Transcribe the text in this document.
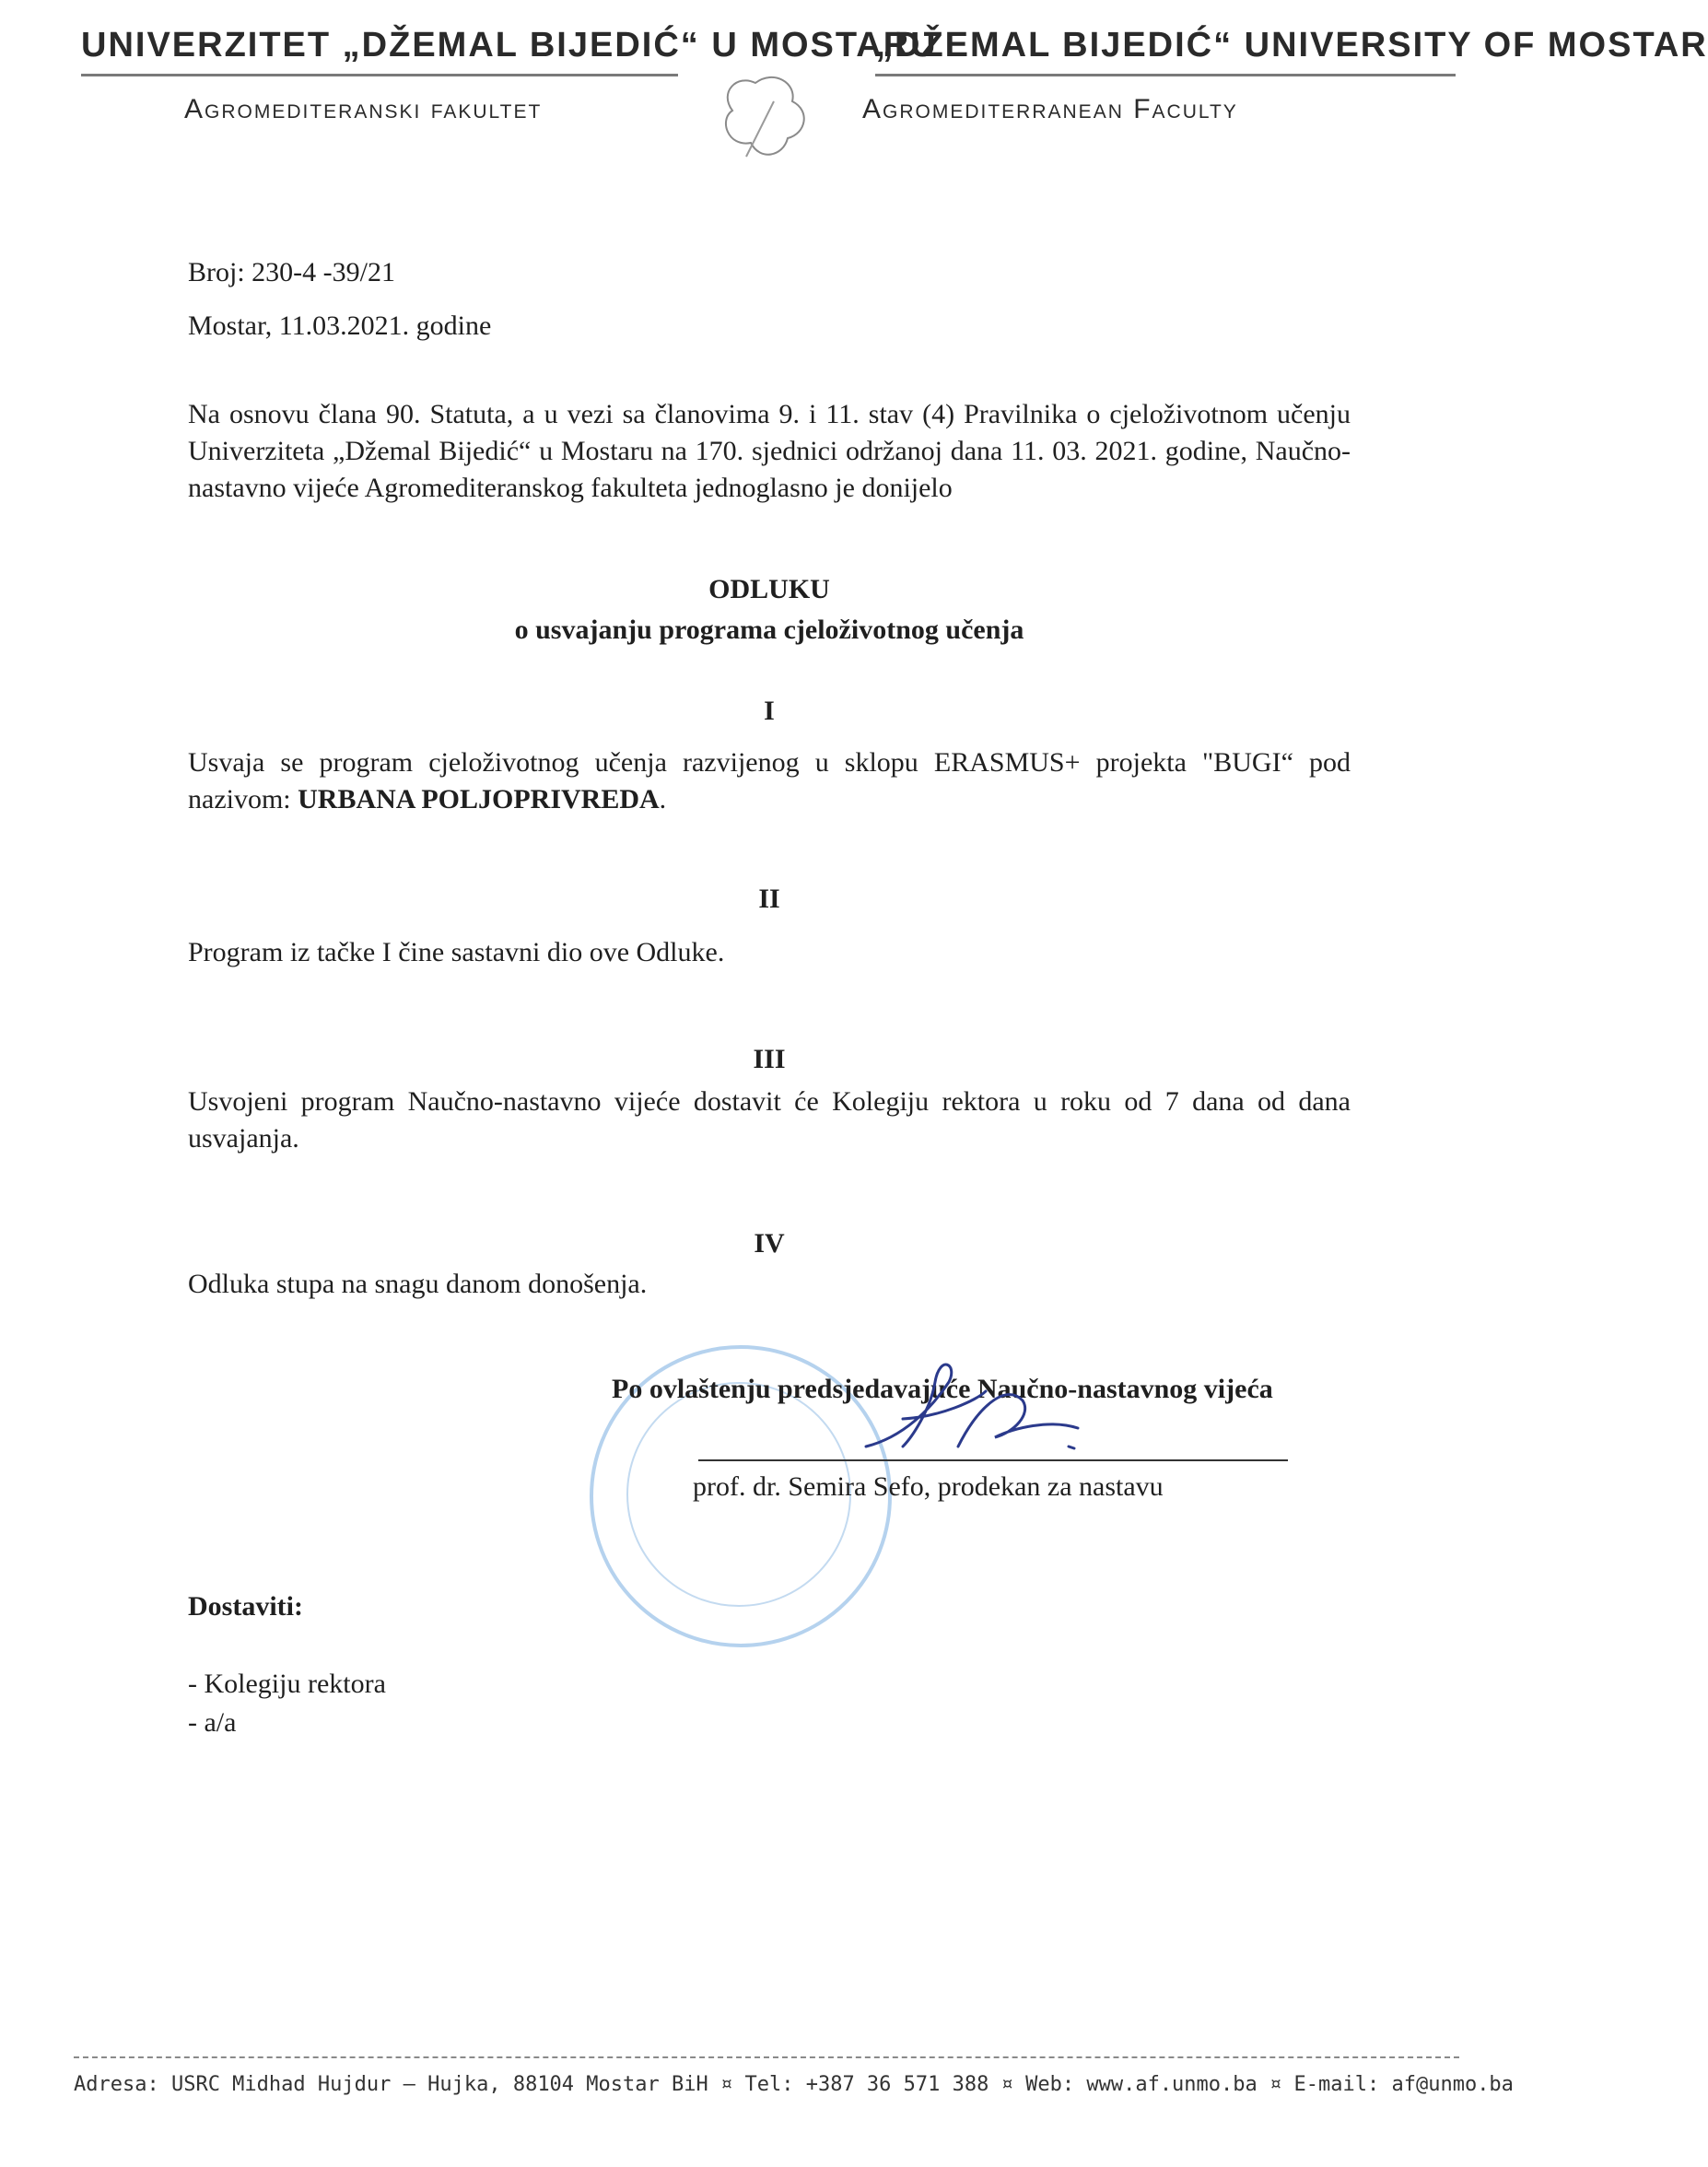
UNIVERZITET „DŽEMAL BIJEDIĆ“ U MOSTARU
„DŽEMAL BIJEDIĆ“ UNIVERSITY OF MOSTAR
Agromediteranski fakultet	Agromediterranean Faculty
Broj: 230-4 -39/21
Mostar, 11.03.2021. godine
Na osnovu člana 90. Statuta, a u vezi sa članovima 9. i 11. stav (4) Pravilnika o cjeloživotnom učenju Univerziteta „Džemal Bijedić“ u Mostaru na 170. sjednici održanoj dana 11. 03. 2021. godine, Naučno-nastavno vijeće Agromediteranskog fakulteta jednoglasno je donijelo
ODLUKU
o usvajanju programa cjeloživotnog učenja
I
Usvaja se program cjeloživotnog učenja razvijenog u sklopu ERASMUS+ projekta "BUGI“ pod nazivom: URBANA POLJOPRIVREDA.
II
Program iz tačke I čine sastavni dio ove Odluke.
III
Usvojeni program Naučno-nastavno vijeće dostavit će Kolegiju rektora u roku od 7 dana od dana usvajanja.
IV
Odluka stupa na snagu danom donošenja.
Po ovlaštenju predsjedavajuće Naučno-nastavnog vijeća
prof. dr. Semira Sefo, prodekan za nastavu
Dostaviti:
- Kolegiju rektora
- a/a
Adresa: USRC Midhad Hujdur – Hujka, 88104 Mostar BiH ¤ Tel: +387 36 571 388 ¤ Web: www.af.unmo.ba ¤ E-mail: af@unmo.ba
